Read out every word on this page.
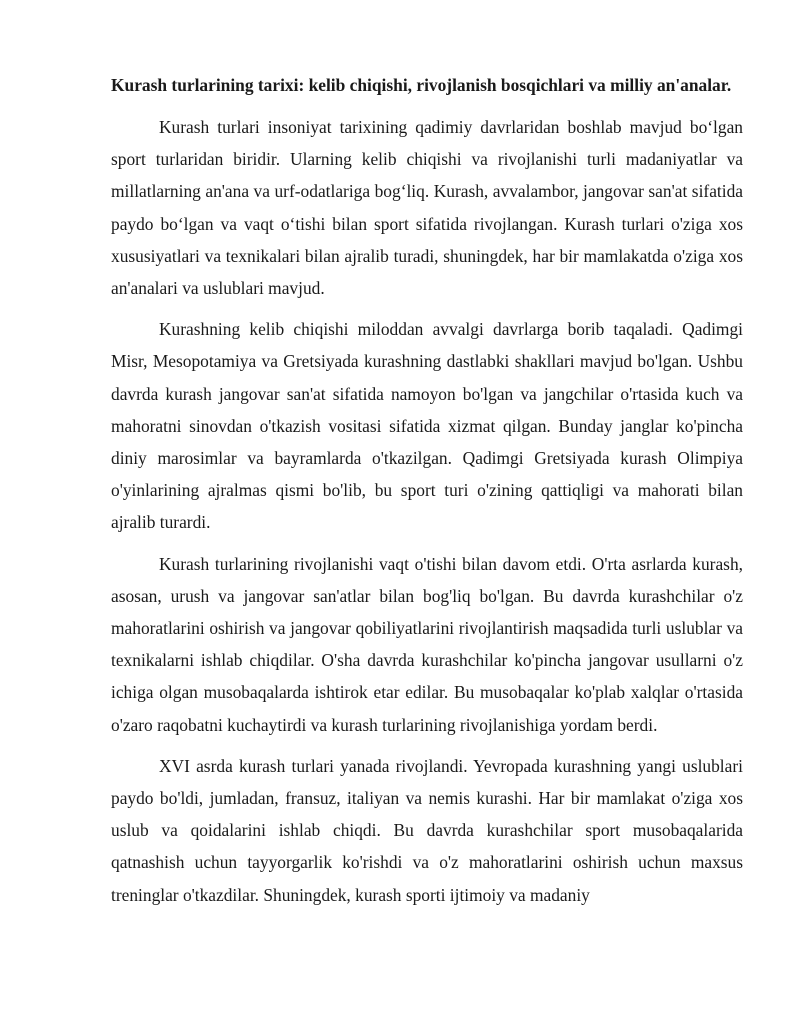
Kurash turlarining tarixi: kelib chiqishi, rivojlanish bosqichlari va milliy an'analar.

Kurash turlari insoniyat tarixining qadimiy davrlaridan boshlab mavjud bo‘lgan sport turlaridan biridir. Ularning kelib chiqishi va rivojlanishi turli madaniyatlar va millatlarning an'ana va urf-odatlariga bog‘liq. Kurash, avvalambor, jangovar san'at sifatida paydo bo‘lgan va vaqt o‘tishi bilan sport sifatida rivojlangan. Kurash turlari o'ziga xos xususiyatlari va texnikalari bilan ajralib turadi, shuningdek, har bir mamlakatda o'ziga xos an'analari va uslublari mavjud.

Kurashning kelib chiqishi miloddan avvalgi davrlarga borib taqaladi. Qadimgi Misr, Mesopotamiya va Gretsiyada kurashning dastlabki shakllari mavjud bo'lgan. Ushbu davrda kurash jangovar san'at sifatida namoyon bo'lgan va jangchilar o'rtasida kuch va mahoratni sinovdan o'tkazish vositasi sifatida xizmat qilgan. Bunday janglar ko'pincha diniy marosimlar va bayramlarda o'tkazilgan. Qadimgi Gretsiyada kurash Olimpiya o'yinlarining ajralmas qismi bo'lib, bu sport turi o'zining qattiqligi va mahorati bilan ajralib turardi.

Kurash turlarining rivojlanishi vaqt o'tishi bilan davom etdi. O'rta asrlarda kurash, asosan, urush va jangovar san'atlar bilan bog'liq bo'lgan. Bu davrda kurashchilar o'z mahoratlarini oshirish va jangovar qobiliyatlarini rivojlantirish maqsadida turli uslublar va texnikalarni ishlab chiqdilar. O'sha davrda kurashchilar ko'pincha jangovar usullarni o'z ichiga olgan musobaqalarda ishtirok etar edilar. Bu musobaqalar ko'plab xalqlar o'rtasida o'zaro raqobatni kuchaytirdi va kurash turlarining rivojlanishiga yordam berdi.

XVI asrda kurash turlari yanada rivojlandi. Yevropada kurashning yangi uslublari paydo bo'ldi, jumladan, fransuz, italiyan va nemis kurashi. Har bir mamlakat o'ziga xos uslub va qoidalarini ishlab chiqdi. Bu davrda kurashchilar sport musobaqalarida qatnashish uchun tayyorgarlik ko'rishdi va o'z mahoratlarini oshirish uchun maxsus treninglar o'tkazdilar. Shuningdek, kurash sporti ijtimoiy va madaniy
